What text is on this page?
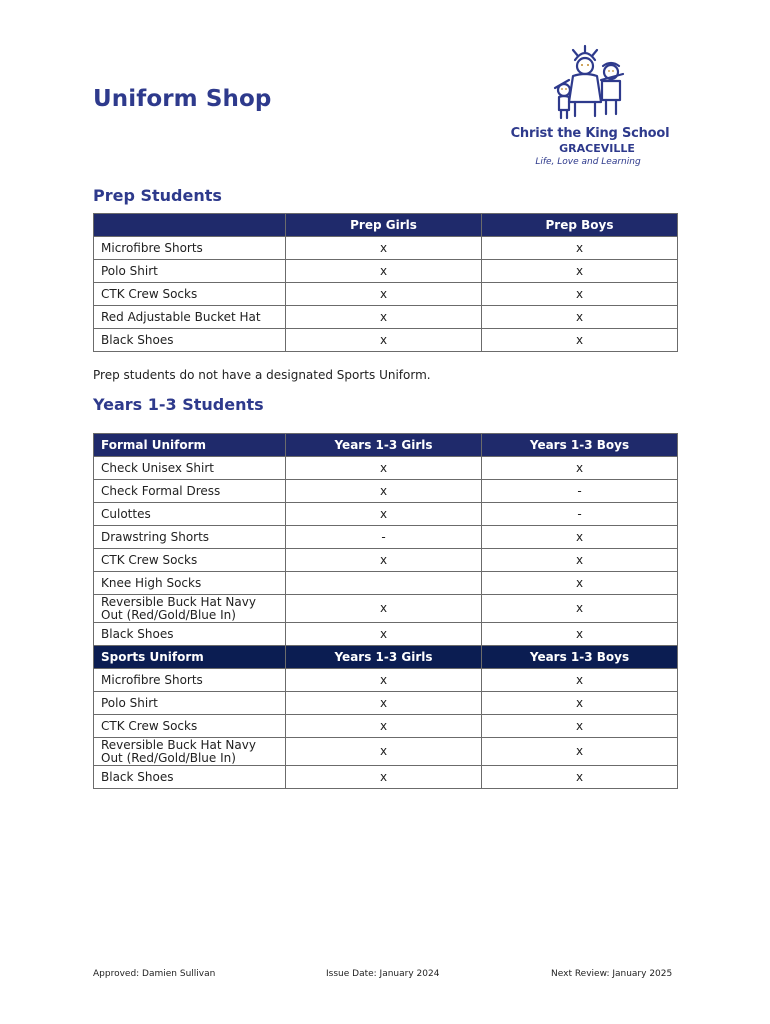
Uniform Shop
Christ the King School
GRACEVILLE
Life, Love and Learning
Prep Students
	Prep Girls	Prep Boys
Microfibre Shorts	x	x
Polo Shirt	x	x
CTK Crew Socks	x	x
Red Adjustable Bucket Hat	x	x
Black Shoes	x	x
Prep students do not have a designated Sports Uniform.
Years 1-3 Students
Formal Uniform	Years 1-3 Girls	Years 1-3 Boys
Check Unisex Shirt	x	x
Check Formal Dress	x	-
Culottes	x	-
Drawstring Shorts	-	x
CTK Crew Socks	x	x
Knee High Socks		x
Reversible Buck Hat Navy Out (Red/Gold/Blue In)	x	x
Black Shoes	x	x
Sports Uniform	Years 1-3 Girls	Years 1-3 Boys
Microfibre Shorts	x	x
Polo Shirt	x	x
CTK Crew Socks	x	x
Reversible Buck Hat Navy Out (Red/Gold/Blue In)	x	x
Black Shoes	x	x
Approved: Damien Sullivan	Issue Date: January 2024	Next Review: January 2025
